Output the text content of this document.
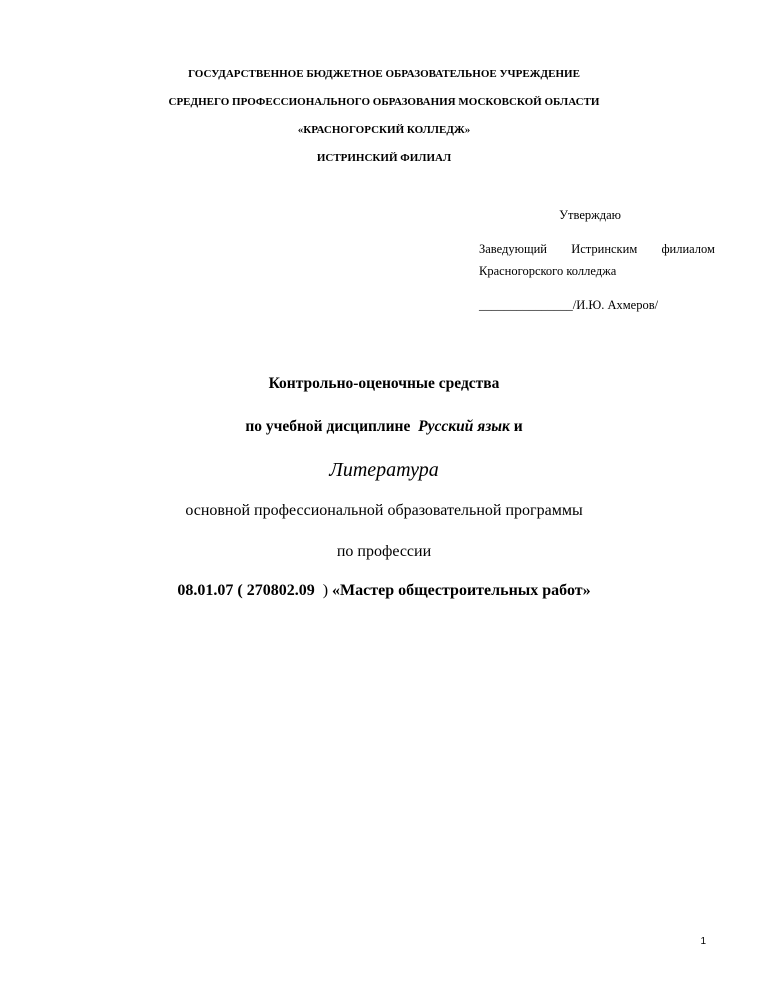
ГОСУДАРСТВЕННОЕ БЮДЖЕТНОЕ ОБРАЗОВАТЕЛЬНОЕ УЧРЕЖДЕНИЕ
СРЕДНЕГО ПРОФЕССИОНАЛЬНОГО ОБРАЗОВАНИЯ МОСКОВСКОЙ ОБЛАСТИ
«КРАСНОГОРСКИЙ КОЛЛЕДЖ»
ИСТРИНСКИЙ ФИЛИАЛ
Утверждаю
Заведующий Истринским филиалом
Красногорского колледжа
_______________/И.Ю. Ахмеров/
Контрольно-оценочные средства
по учебной дисциплине Русский язык и
Литература
основной профессиональной образовательной программы
по профессии
08.01.07 ( 270802.09 ) «Мастер общестроительных работ»
1
